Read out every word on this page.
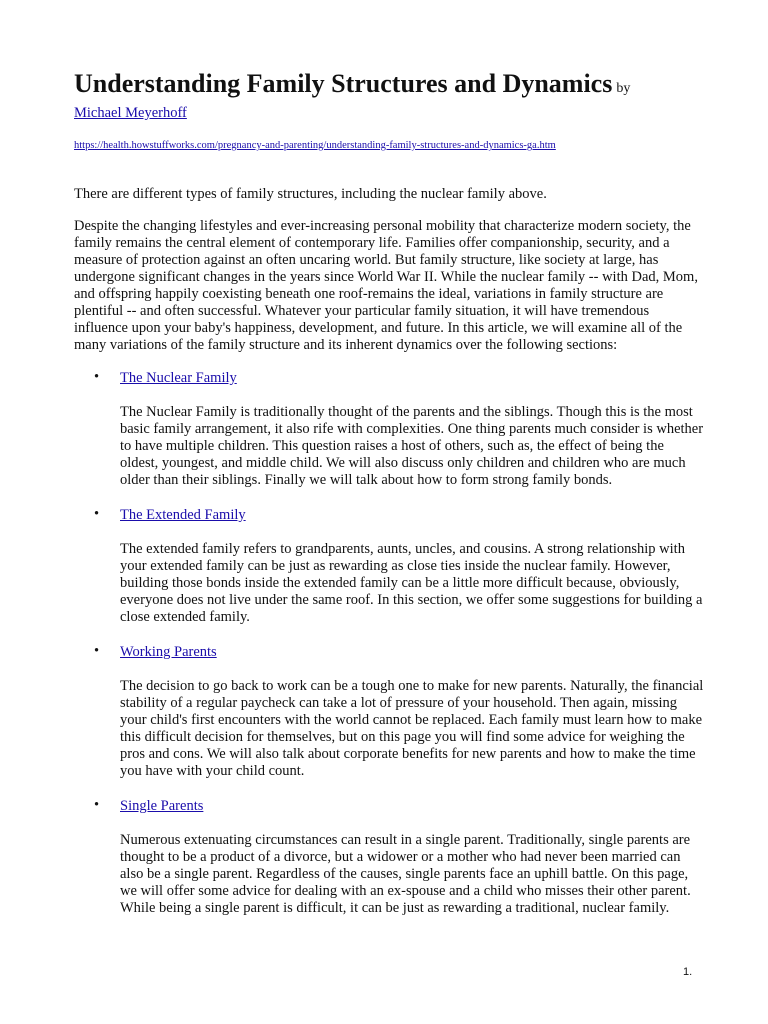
Understanding Family Structures and Dynamics by
Michael Meyerhoff
https://health.howstuffworks.com/pregnancy-and-parenting/understanding-family-structures-and-dynamics-ga.htm

There are different types of family structures, including the nuclear family above.

Despite the changing lifestyles and ever-increasing personal mobility that characterize modern society, the family remains the central element of contemporary life. Families offer companionship, security, and a measure of protection against an often uncaring world. But family structure, like society at large, has undergone significant changes in the years since World War II. While the nuclear family -- with Dad, Mom, and offspring happily coexisting beneath one roof-remains the ideal, variations in family structure are plentiful -- and often successful. Whatever your particular family situation, it will have tremendous influence upon your baby's happiness, development, and future. In this article, we will examine all of the many variations of the family structure and its inherent dynamics over the following sections:

• The Nuclear Family

The Nuclear Family is traditionally thought of the parents and the siblings. Though this is the most basic family arrangement, it also rife with complexities. One thing parents much consider is whether to have multiple children. This question raises a host of others, such as, the effect of being the oldest, youngest, and middle child. We will also discuss only children and children who are much older than their siblings. Finally we will talk about how to form strong family bonds.

• The Extended Family

The extended family refers to grandparents, aunts, uncles, and cousins. A strong relationship with your extended family can be just as rewarding as close ties inside the nuclear family. However, building those bonds inside the extended family can be a little more difficult because, obviously, everyone does not live under the same roof. In this section, we offer some suggestions for building a close extended family.

• Working Parents

The decision to go back to work can be a tough one to make for new parents. Naturally, the financial stability of a regular paycheck can take a lot of pressure of your household. Then again, missing your child's first encounters with the world cannot be replaced. Each family must learn how to make this difficult decision for themselves, but on this page you will find some advice for weighing the pros and cons. We will also talk about corporate benefits for new parents and how to make the time you have with your child count.

• Single Parents

Numerous extenuating circumstances can result in a single parent. Traditionally, single parents are thought to be a product of a divorce, but a widower or a mother who had never been married can also be a single parent. Regardless of the causes, single parents face an uphill battle. On this page, we will offer some advice for dealing with an ex-spouse and a child who misses their other parent. While being a single parent is difficult, it can be just as rewarding a traditional, nuclear family.

1.
